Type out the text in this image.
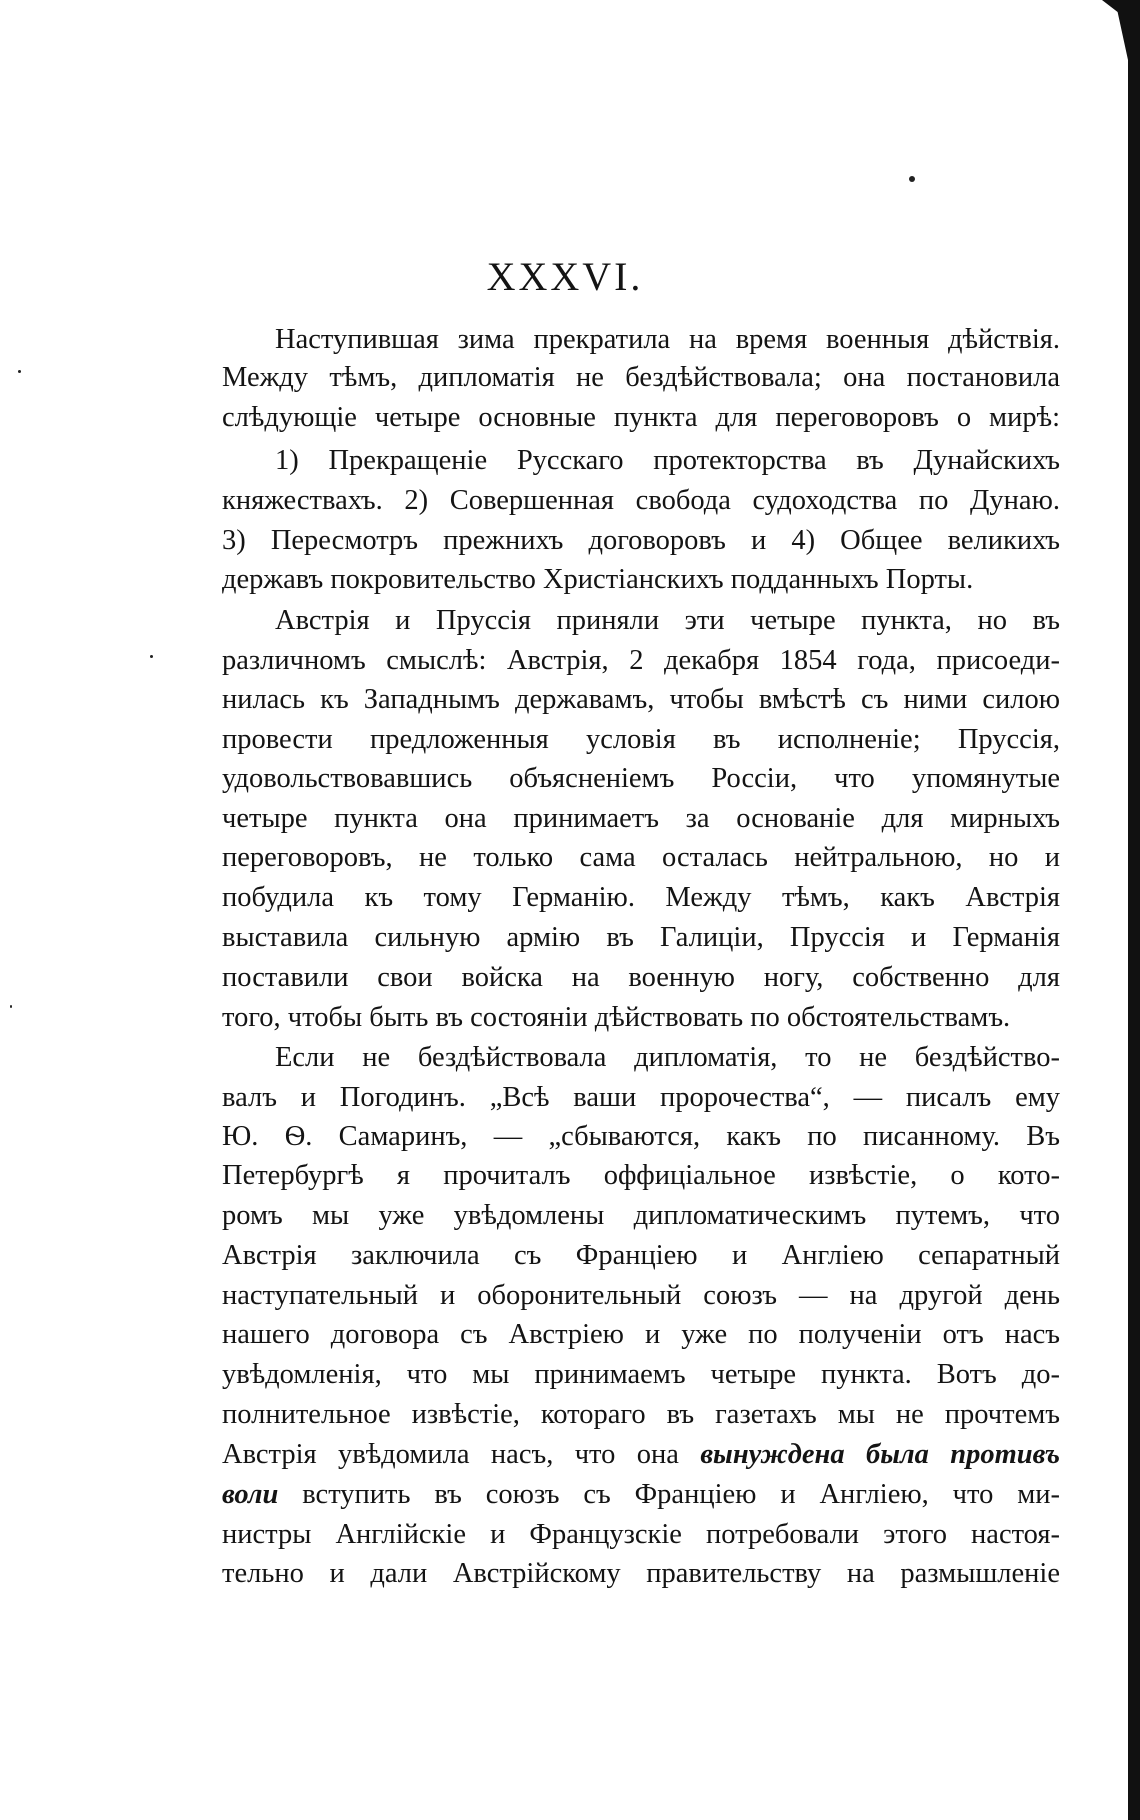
XXXVI.
Наступившая зима прекратила на время военныя дѣйствія.
Между тѣмъ, дипломатія не бездѣйствовала; она постановила
слѣдующіе четыре основные пункта для переговоровъ о мирѣ:
1) Прекращеніе Русскаго протекторства въ Дунайскихъ
княжествахъ. 2) Совершенная свобода судоходства по Дунаю.
3) Пересмотръ прежнихъ договоровъ и 4) Общее великихъ
державъ покровительство Христіанскихъ подданныхъ Порты.
Австрія и Пруссія приняли эти четыре пункта, но въ
различномъ смыслѣ: Австрія, 2 декабря 1854 года, присоеди-
нилась къ Западнымъ державамъ, чтобы вмѣстѣ съ ними силою
провести предложенныя условія въ исполненіе; Пруссія,
удовольствовавшись объясненіемъ Россіи, что упомянутые
четыре пункта она принимаетъ за основаніе для мирныхъ
переговоровъ, не только сама осталась нейтральною, но и
побудила къ тому Германію. Между тѣмъ, какъ Австрія
выставила сильную армію въ Галиціи, Пруссія и Германія
поставили свои войска на военную ногу, собственно для
того, чтобы быть въ состояніи дѣйствовать по обстоятельствамъ.
Если не бездѣйствовала дипломатія, то не бездѣйство-
валъ и Погодинъ. „Всѣ ваши пророчества“, — писалъ ему
Ю. Ѳ. Самаринъ, — „сбываются, какъ по писанному. Въ
Петербургѣ я прочиталъ оффиціальное извѣстіе, о кото-
ромъ мы уже увѣдомлены дипломатическимъ путемъ, что
Австрія заключила съ Франціею и Англіею сепаратный
наступательный и оборонительный союзъ — на другой день
нашего договора съ Австріею и уже по полученіи отъ насъ
увѣдомленія, что мы принимаемъ четыре пункта. Вотъ до-
полнительное извѣстіе, котораго въ газетахъ мы не прочтемъ
Австрія увѣдомила насъ, что она вынуждена была противъ
воли вступить въ союзъ съ Франціею и Англіею, что ми-
нистры Англійскіе и Французскіе потребовали этого настоя-
тельно и дали Австрійскому правительству на размышленіе
